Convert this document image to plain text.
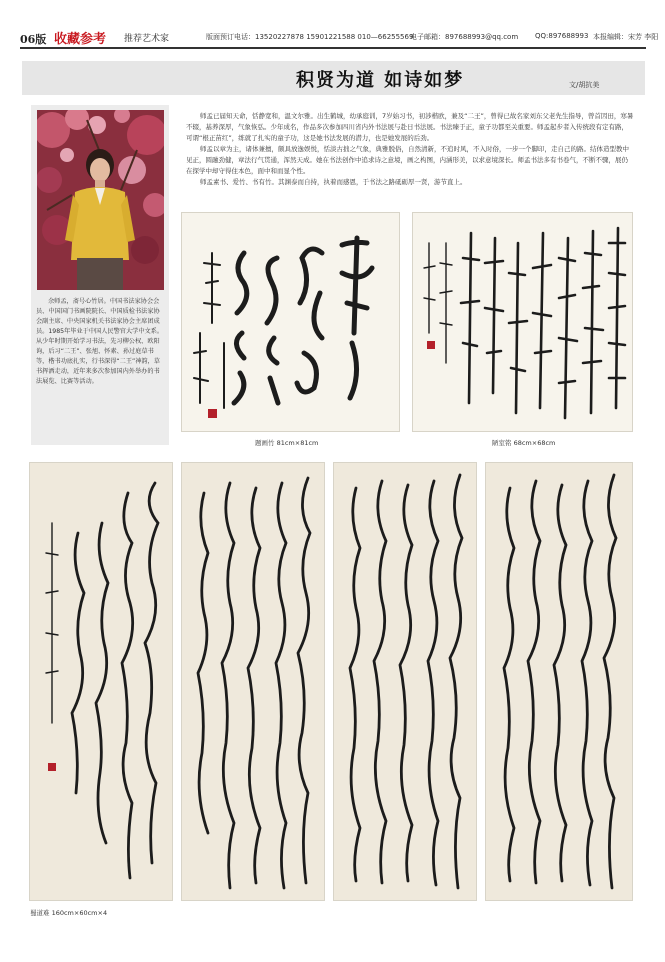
06版 收藏参考 推荐艺术家	版面预订电话：13520227878 15901221588 010—66255569
电子邮箱：897688993@qq.com QQ:897688993 本报编辑：宋芳 李阳
积贤为道 如诗如梦	文/胡抗美
余师孟，斋号心竹居。中国书法家协会会员、中国国门书画院院长、中国质检书法家协会副主席、中央国家机关书法家协会主席团成员。1985年毕业于中国人民警官大学中文系。从少年时期开始学习书法，先习柳公权、欧阳询，后习“二王”、张旭、怀素、孙过庭草书等，楷书功底扎实，行书深得“二王”神韵，草书挥洒走动，近年来多次参加国内外举办的书法展览、比赛等活动。

师孟已届知天命，恬静宽和，温文尔雅。出生鹤城，幼承庭训，7岁始习书，初涉楷欧，兼及“二王”，曾得已故名家刘东父老先生指导，曾首因田，寒暑不辍，基养深厚，气象恢弘。少年成名，作品多次参加四川省内外书法展与赴日书法展。书法臻于正，童子功都至关重要。师孟起步者入传统段有定有路，可谓“根正苗红”，练就了扎实的童子功，这是她书法发展的潜力，也是她发展的后劲。

师孟以章为主，诸体兼擅，颇具放逸娱悦，恬淡古拙之气象，典雅脱俗，自然清新，不追时风，不入时俗，一步一个脚印，走自己的路。结体造型教中见正，圆融劲健，章法行气贯通，浑然天成。她在书法创作中追求诗之意境，画之构图，内涵形美，以求意境深长。师孟书法多有书卷气，不断不骤，展仍在探学中却守得住本色，面中和而显个性。

师孟素书、爱竹、书有竹。其渊泰而自持，执着而感恩，于书法之路砥砺厚一贤，游节直上。

题画竹 81cm×81cm	陋室铭 68cm×68cm
蜀道难 160cm×60cm×4
